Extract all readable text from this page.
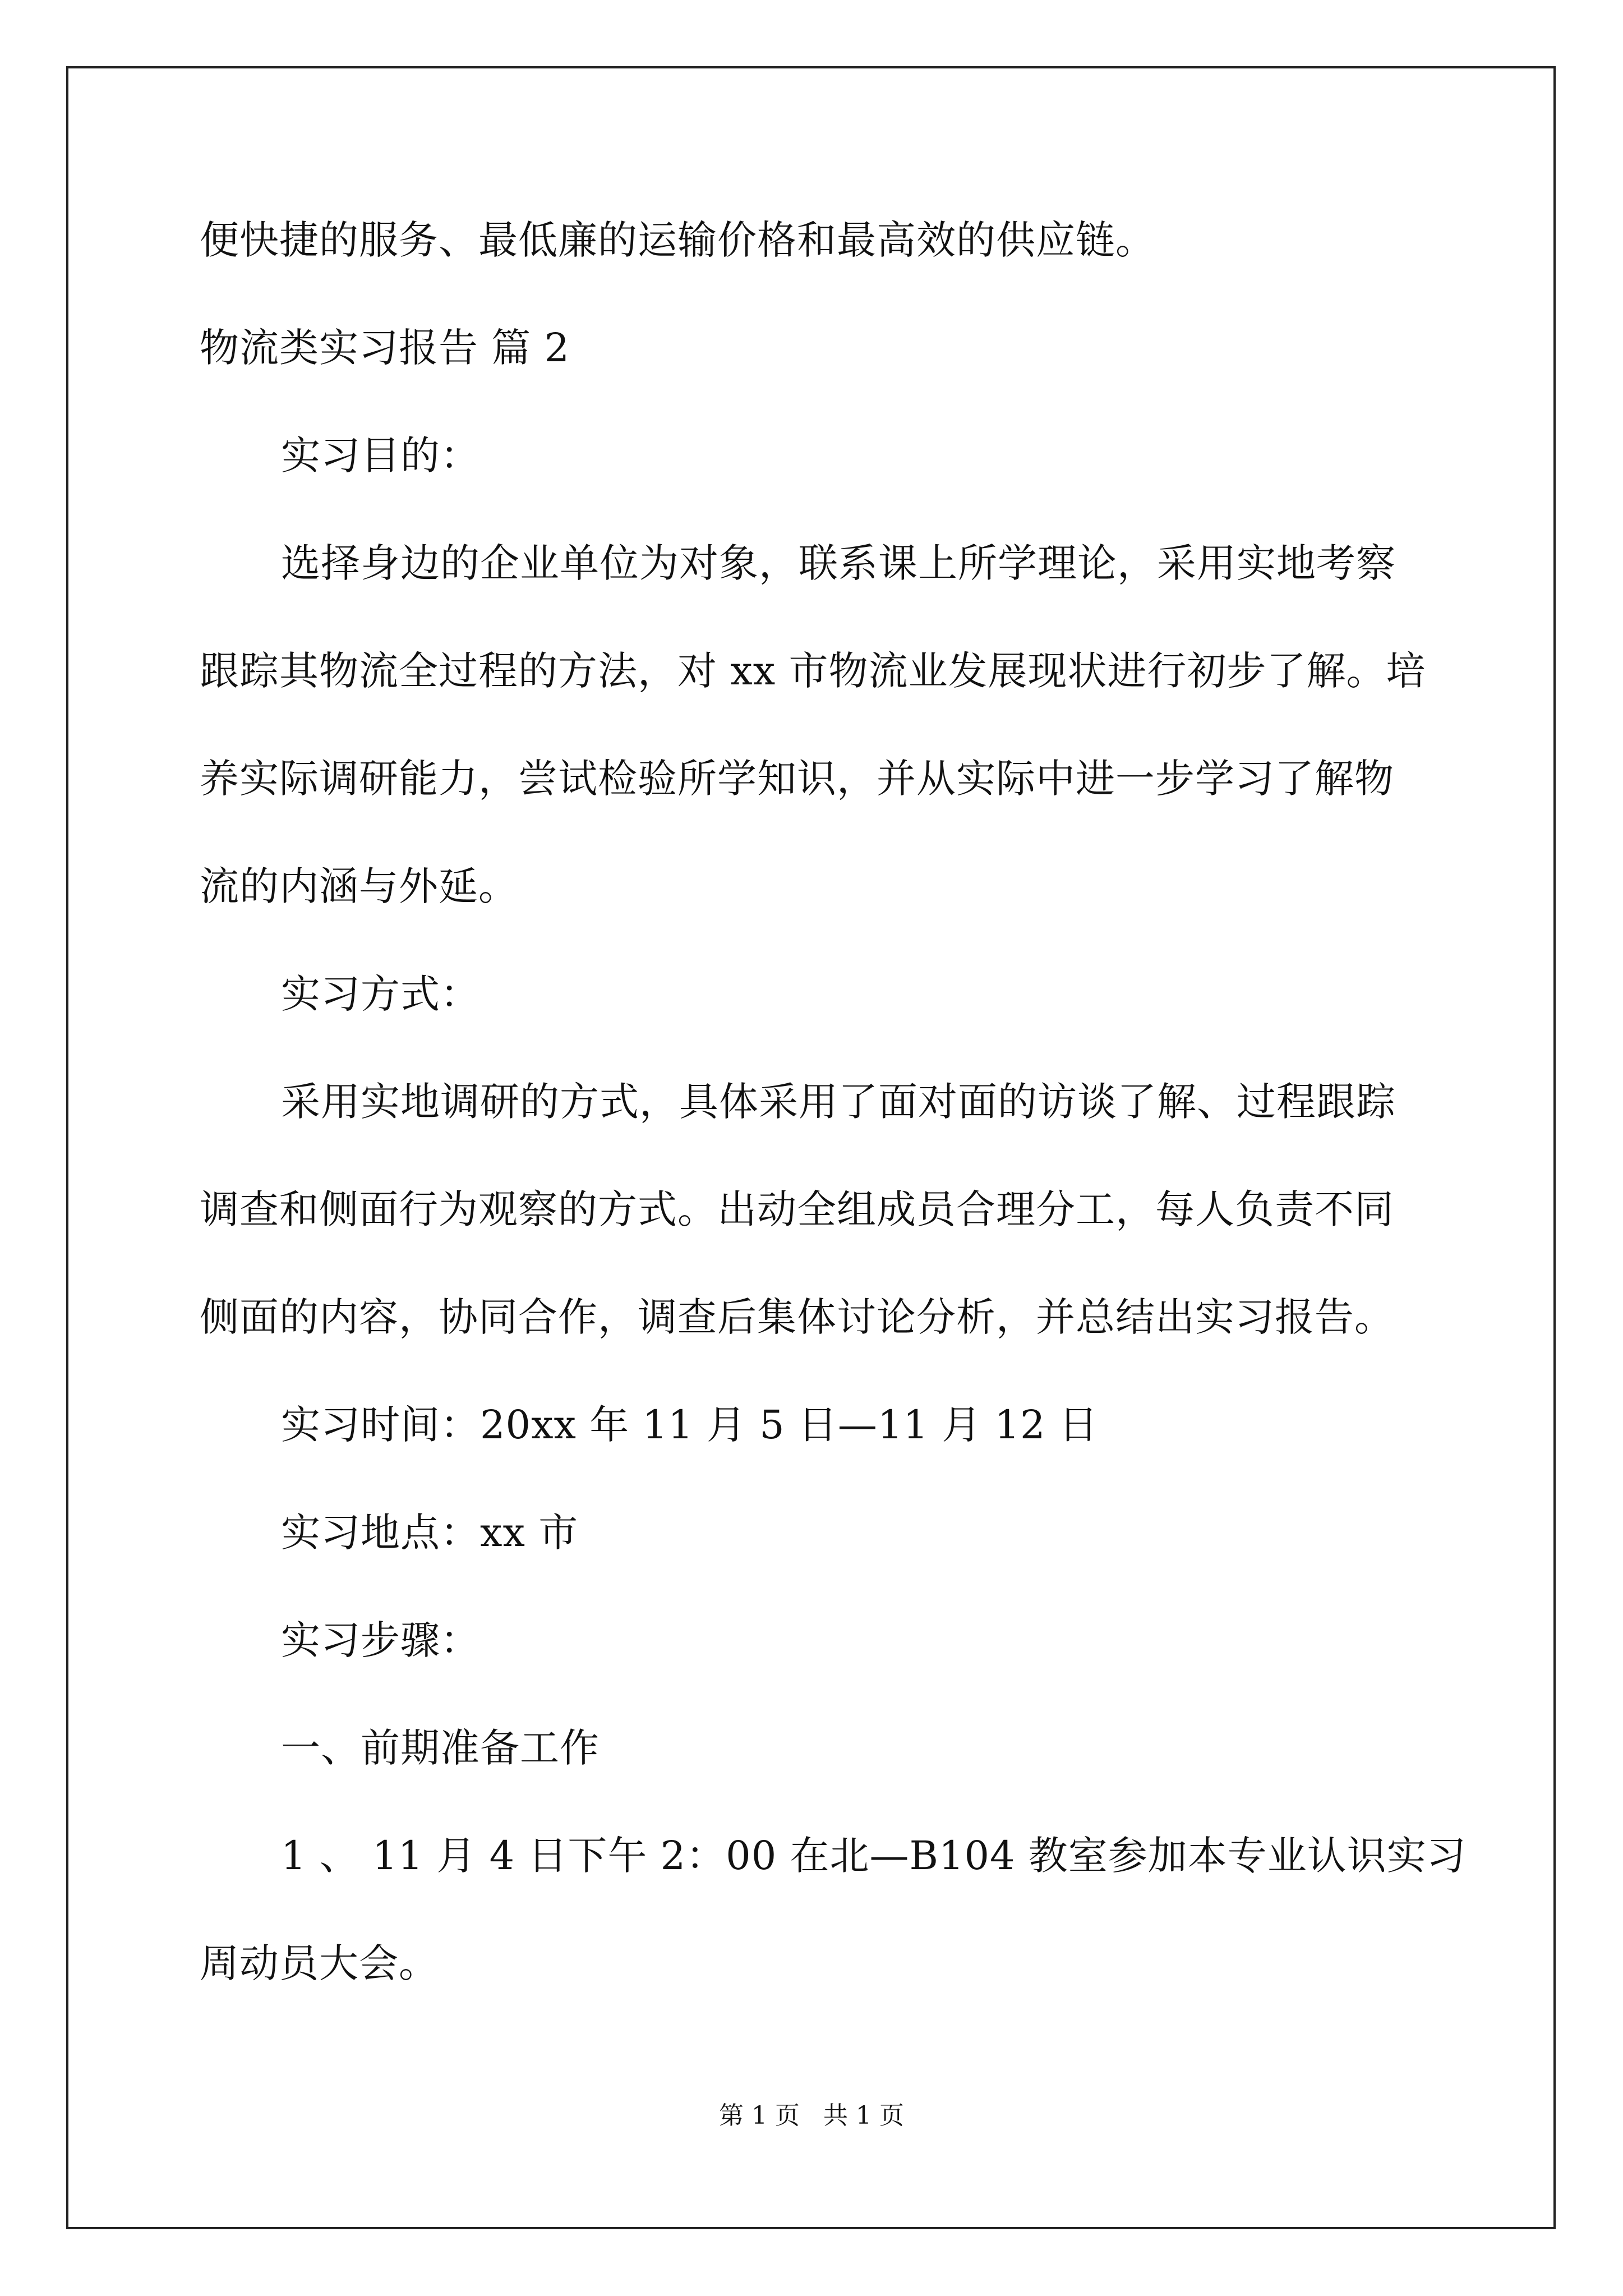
便快捷的服务、最低廉的运输价格和最高效的供应链。
物流类实习报告 篇 2
实习目的：
选择身边的企业单位为对象，联系课上所学理论，采用实地考察
跟踪其物流全过程的方法，对 xx 市物流业发展现状进行初步了解。培
养实际调研能力，尝试检验所学知识，并从实际中进一步学习了解物
流的内涵与外延。
实习方式：
采用实地调研的方式，具体采用了面对面的访谈了解、过程跟踪
调查和侧面行为观察的方式。出动全组成员合理分工，每人负责不同
侧面的内容，协同合作，调查后集体讨论分析，并总结出实习报告。
实习时间：20xx 年 11 月 5 日—11 月 12 日
实习地点：xx 市
实习步骤：
一、前期准备工作
1 、 11 月 4 日下午 2：00 在北—B104 教室参加本专业认识实习
周动员大会。
第 1 页   共 1 页
